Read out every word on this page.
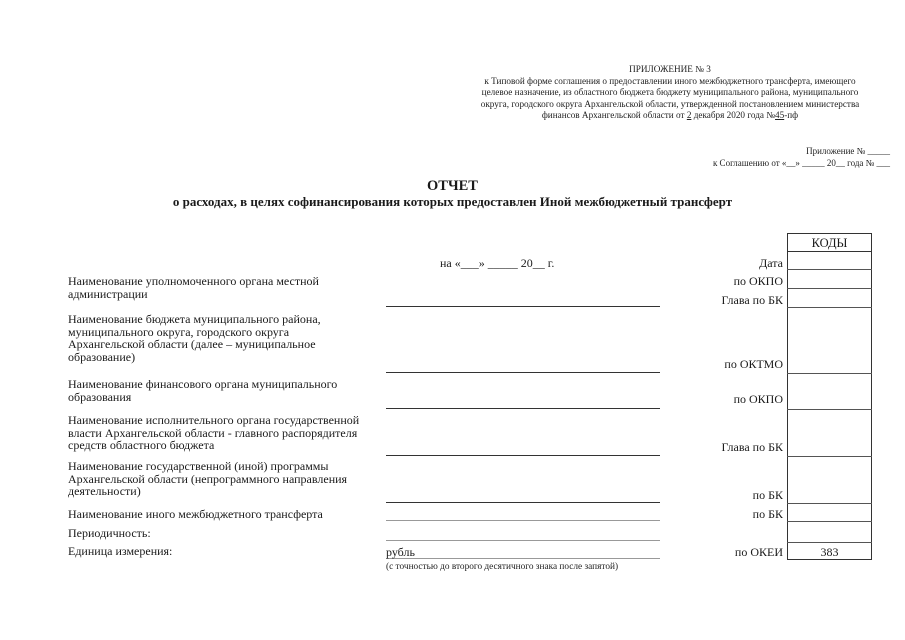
ПРИЛОЖЕНИЕ № 3
к Типовой форме соглашения о предоставлении иного межбюджетного трансферта, имеющего
целевое назначение, из областного бюджета бюджету муниципального района, муниципального
округа, городского округа Архангельской области, утвержденной постановлением министерства
финансов Архангельской области от 2 декабря 2020 года №45-пф
Приложение № _____
к Соглашению от «__» _____ 20__ года № ___
ОТЧЕТ
о расходах, в целях софинансирования которых предоставлен Иной межбюджетный трансферт
на «___» _____ 20__ г.
КОДЫ
Дата
по ОКПО
Глава по БК
по ОКТМО
по ОКПО
Глава по БК
по БК
по БК
по ОКЕИ
Наименование уполномоченного органа местной администрации
Наименование бюджета муниципального района, муниципального округа, городского округа Архангельской области (далее – муниципальное образование)
Наименование финансового органа муниципального образования
Наименование исполнительного органа государственной власти Архангельской области - главного распорядителя средств областного бюджета
Наименование государственной (иной) программы Архангельской области (непрограммного направления деятельности)
Наименование иного межбюджетного трансферта
Периодичность:
Единица измерения:	рубль
(с точностью до второго десятичного знака после запятой)
383
